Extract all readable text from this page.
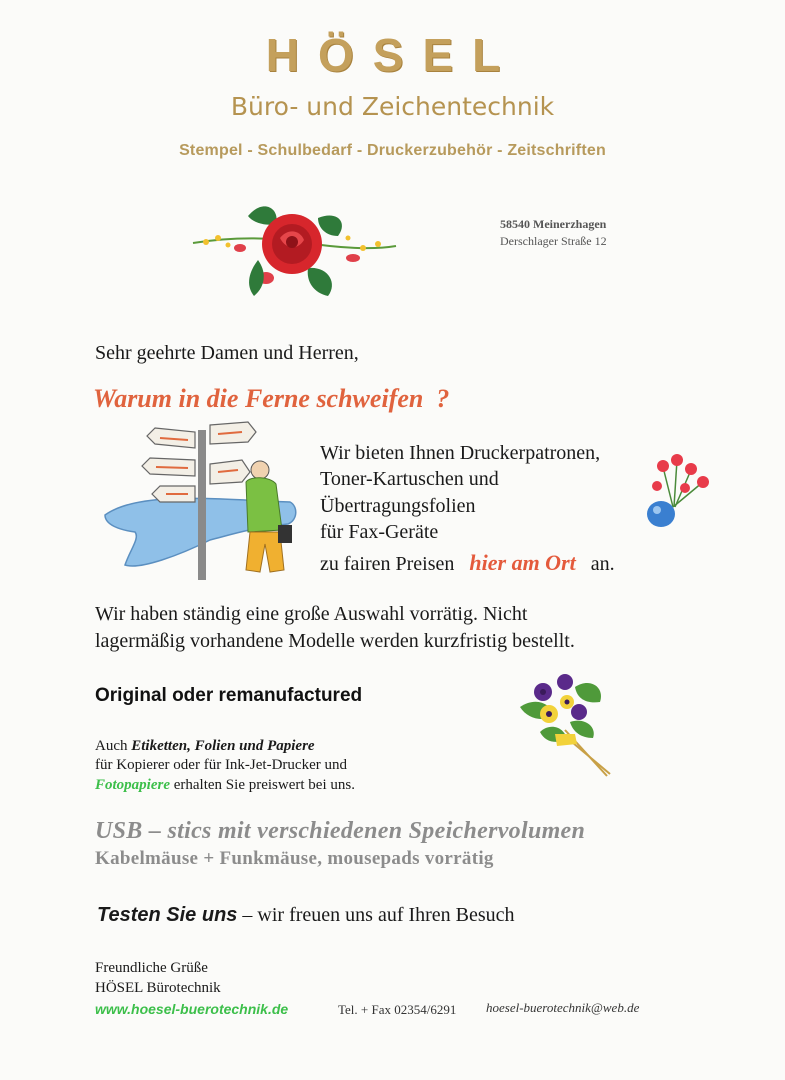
HÖSEL
Büro- und Zeichentechnik
Stempel - Schulbedarf - Druckerzubehör - Zeitschriften
58540 Meinerzhagen
Derschlager Straße 12
Sehr geehrte Damen und Herren,
Warum in die Ferne schweifen  ?
Wir bieten Ihnen Druckerpatronen,
Toner-Kartuschen und
Übertragungsfolien
für Fax-Geräte
zu fairen Preisen hier am Ort an.
Wir haben ständig eine große Auswahl vorrätig. Nicht
lagermäßig vorhandene Modelle werden kurzfristig bestellt.
Original oder remanufactured
Auch Etiketten, Folien und Papiere
für Kopierer oder für Ink-Jet-Drucker und
Fotopapiere erhalten Sie preiswert bei uns.
USB – stics mit verschiedenen Speichervolumen
Kabelmäuse + Funkmäuse, mousepads vorrätig
Testen Sie uns – wir freuen uns auf Ihren Besuch
Freundliche Grüße
HÖSEL Bürotechnik
www.hoesel-buerotechnik.de	Tel. + Fax 02354/6291 hoesel-buerotechnik@web.de
